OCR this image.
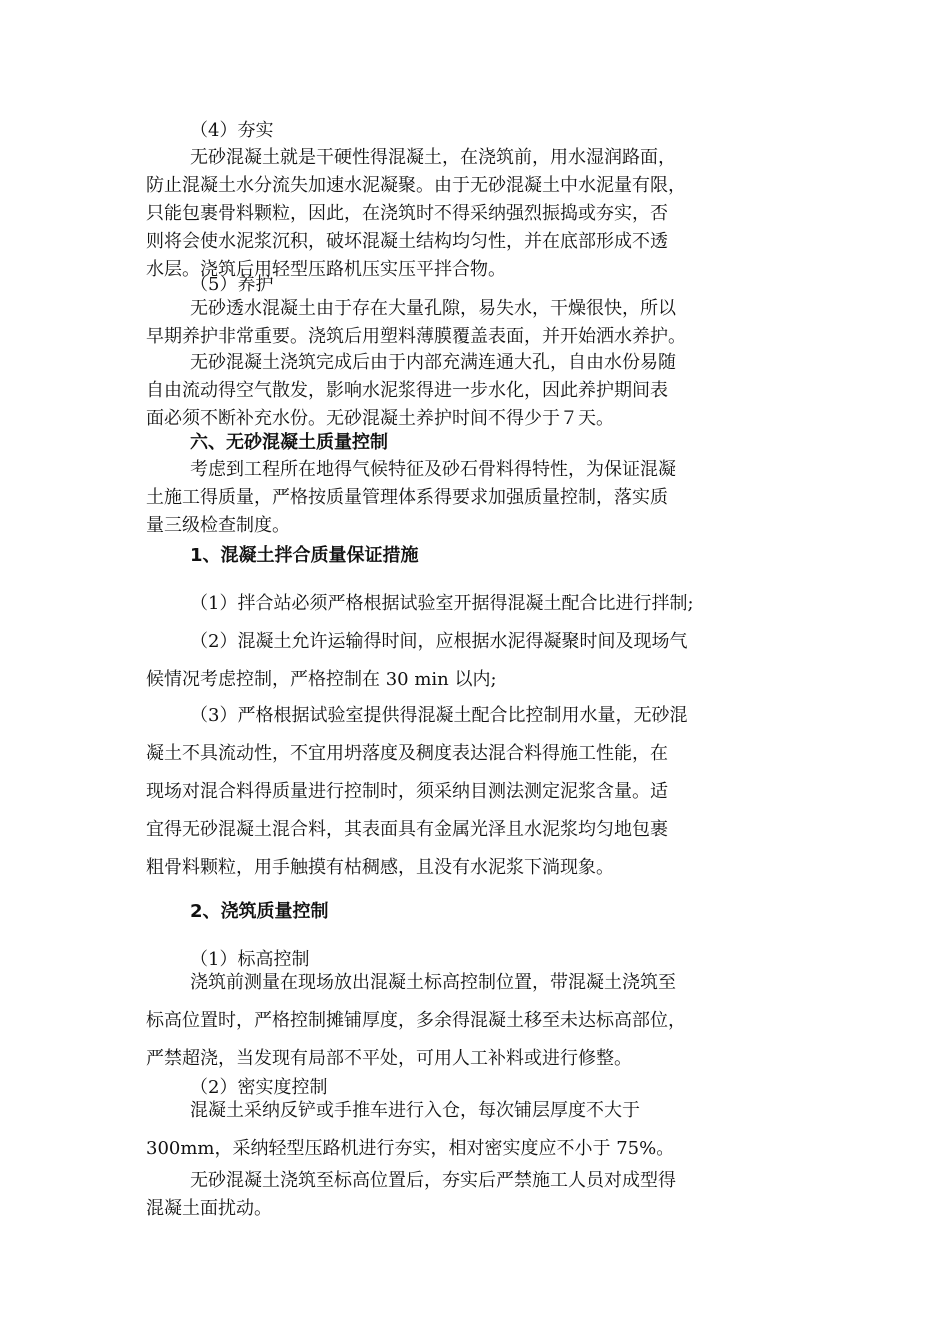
（4）夯实

无砂混凝土就是干硬性得混凝土，在浇筑前，用水湿润路面，
防止混凝土水分流失加速水泥凝聚。由于无砂混凝土中水泥量有限，
只能包裹骨料颗粒，因此，在浇筑时不得采纳强烈振捣或夯实，否
则将会使水泥浆沉积，破坏混凝土结构均匀性，并在底部形成不透
水层。浇筑后用轻型压路机压实压平拌合物。

（5）养护

无砂透水混凝土由于存在大量孔隙，易失水，干燥很快，所以
早期养护非常重要。浇筑后用塑料薄膜覆盖表面，并开始洒水养护。
无砂混凝土浇筑完成后由于内部充满连通大孔，自由水份易随
自由流动得空气散发，影响水泥浆得进一步水化，因此养护期间表
面必须不断补充水份。无砂混凝土养护时间不得少于７天。

六、无砂混凝土质量控制

考虑到工程所在地得气候特征及砂石骨料得特性，为保证混凝
土施工得质量，严格按质量管理体系得要求加强质量控制，落实质
量三级检查制度。

1、混凝土拌合质量保证措施

（1）拌合站必须严格根据试验室开据得混凝土配合比进行拌制;

（2）混凝土允许运输得时间，应根据水泥得凝聚时间及现场气
候情况考虑控制，严格控制在 30 min 以内;
（3）严格根据试验室提供得混凝土配合比控制用水量，无砂混
凝土不具流动性，不宜用坍落度及稠度表达混合料得施工性能，在
现场对混合料得质量进行控制时，须采纳目测法测定泥浆含量。适
宜得无砂混凝土混合料，其表面具有金属光泽且水泥浆均匀地包裹
粗骨料颗粒，用手触摸有枯稠感，且没有水泥浆下淌现象。

2、浇筑质量控制

（1）标高控制

浇筑前测量在现场放出混凝土标高控制位置，带混凝土浇筑至
标高位置时，严格控制摊铺厚度，多余得混凝土移至未达标高部位，
严禁超浇，当发现有局部不平处，可用人工补料或进行修整。

（2）密实度控制

混凝土采纳反铲或手推车进行入仓，每次铺层厚度不大于
300mm，采纳轻型压路机进行夯实，相对密实度应不小于 75%。
无砂混凝土浇筑至标高位置后，夯实后严禁施工人员对成型得
混凝土面扰动。
